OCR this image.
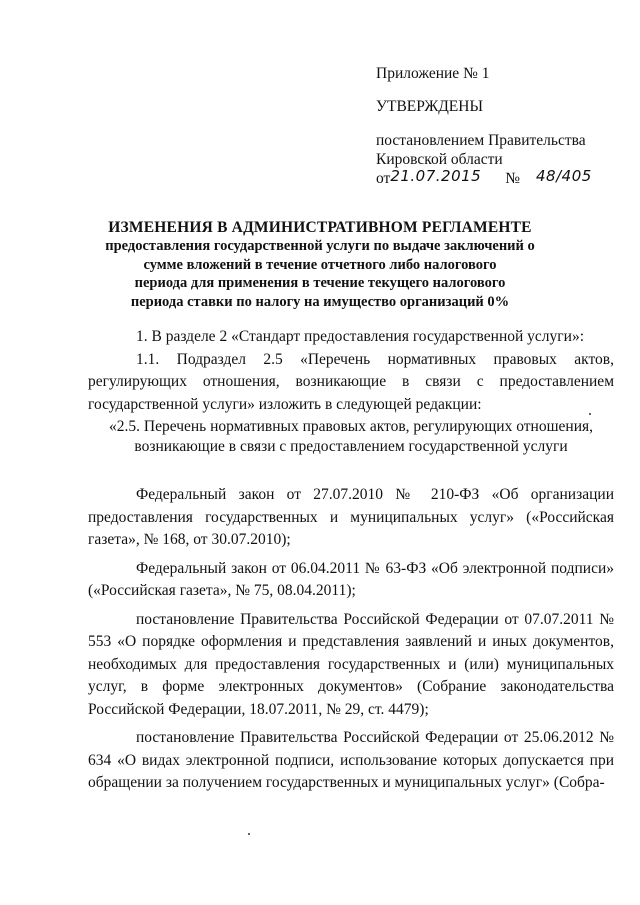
Приложение № 1
УТВЕРЖДЕНЫ
постановлением Правительства
Кировской области
от21.07.2015 № 48/405
ИЗМЕНЕНИЯ В АДМИНИСТРАТИВНОМ РЕГЛАМЕНТЕ
предоставления государственной услуги по выдаче заключений о
сумме вложений в течение отчетного либо налогового
периода для применения в течение текущего налогового
периода ставки по налогу на имущество организаций 0%

1. В разделе 2 «Стандарт предоставления государственной услуги»:

1.1. Подраздел 2.5 «Перечень нормативных правовых актов, регулирующих отношения, возникающие в связи с предоставлением государственной услуги» изложить в следующей редакции:

«2.5. Перечень нормативных правовых актов, регулирующих отношения,
возникающие в связи с предоставлением государственной услуги

Федеральный закон от 27.07.2010 № 210-ФЗ «Об организации предоставления государственных и муниципальных услуг» («Российская газета», № 168, от 30.07.2010);

Федеральный закон от 06.04.2011 № 63-ФЗ «Об электронной подписи» («Российская газета», № 75, 08.04.2011);

постановление Правительства Российской Федерации от 07.07.2011 № 553 «О порядке оформления и представления заявлений и иных документов, необходимых для предоставления государственных и (или) муниципальных услуг, в форме электронных документов» (Собрание законодательства Российской Федерации, 18.07.2011, № 29, ст. 4479);

постановление Правительства Российской Федерации от 25.06.2012 № 634 «О видах электронной подписи, использование которых допускается при обращении за получением государственных и муниципальных услуг» (Собра-
